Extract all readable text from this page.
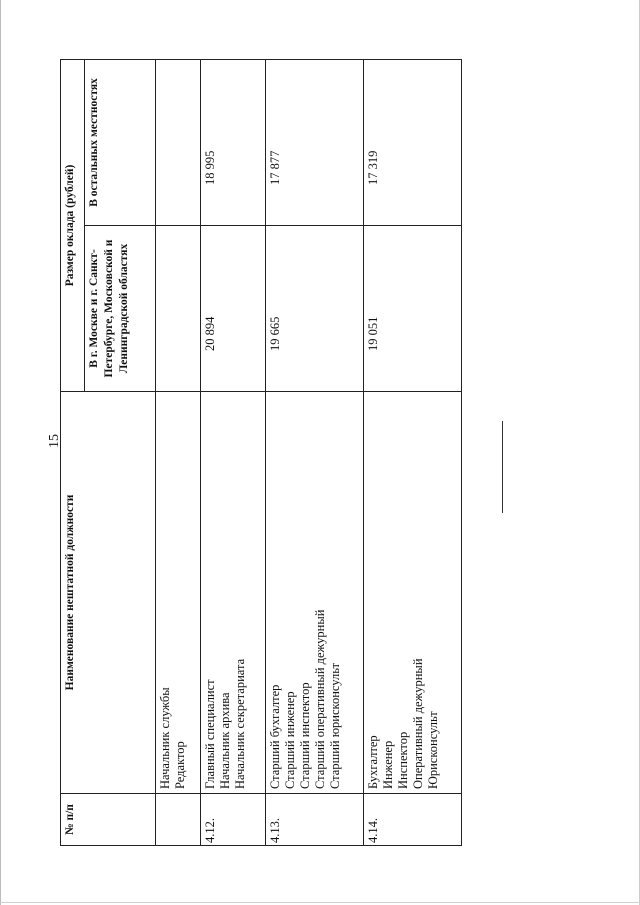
15
№ п/п	Наименование нештатной должности	Размер оклада (рублей)	
		В г. Москве и г. Санкт-Петербурге, Московской и Ленинградской областях	В остальных местностях

	Начальник службы Редактор		

4.12.	Главный специалист Начальник архива Начальник секретариата	20 894	18 995
4.13.	Старший бухгалтер Старший инженер Старший инспектор Старший оперативный дежурный Старший юрисконсульт	19 665	17 877
4.14.	Бухгалтер Инженер Инспектор Оперативный дежурный Юрисконсульт	19 051	17 319
